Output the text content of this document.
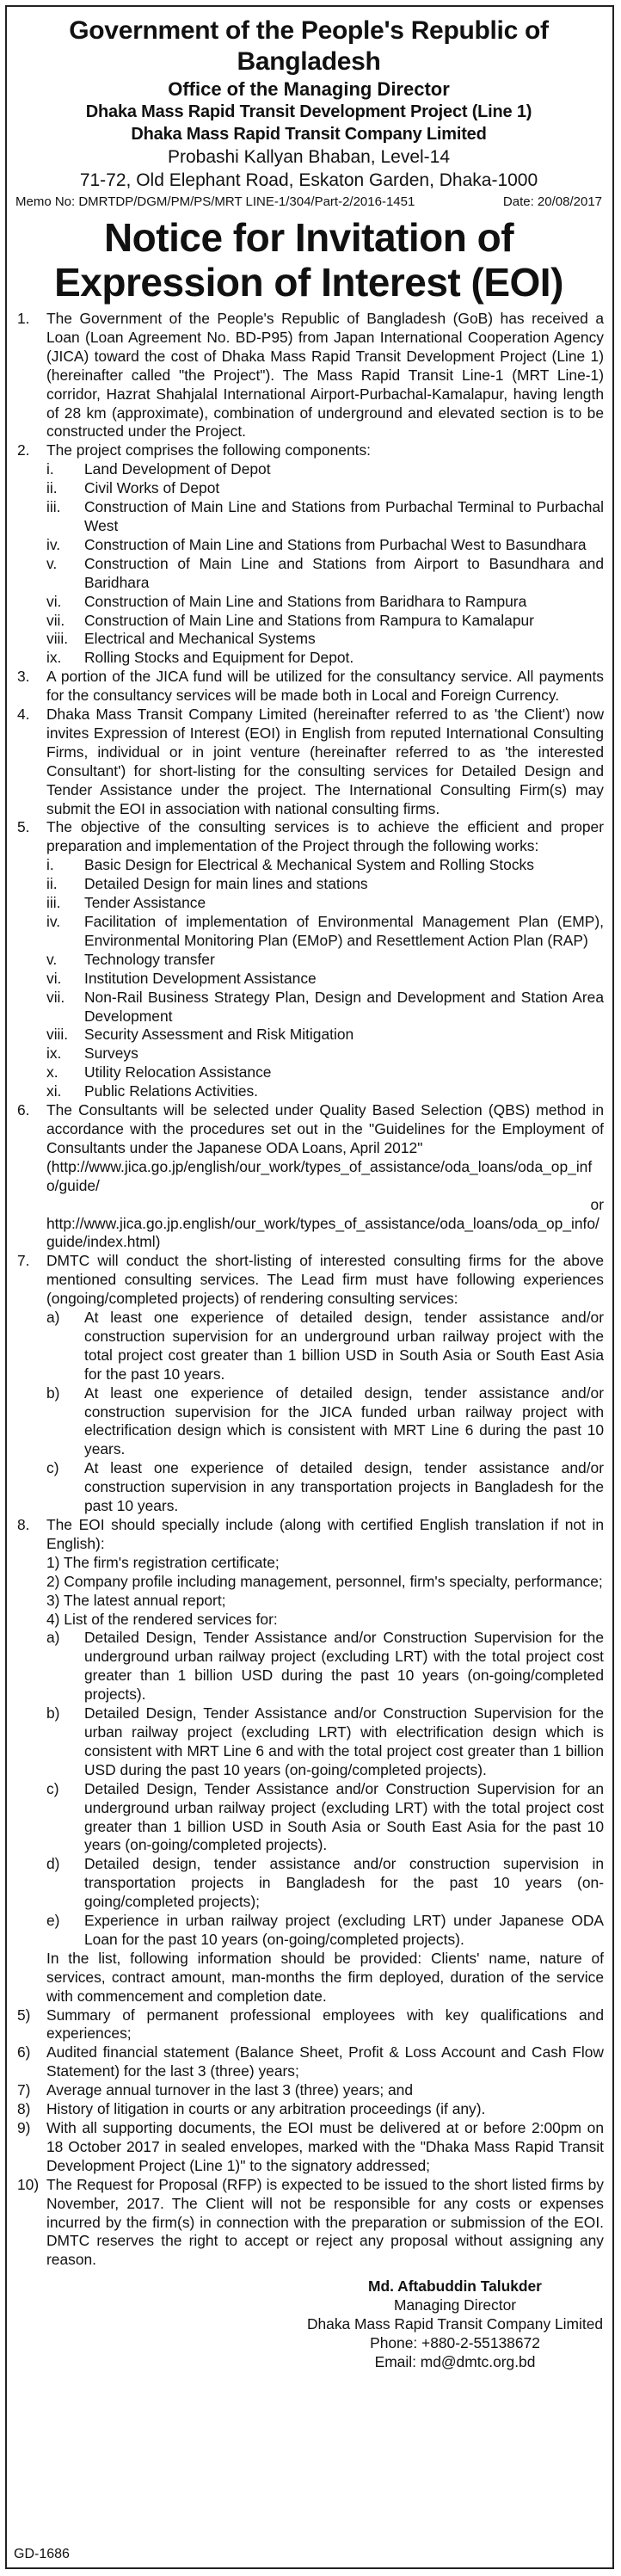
Government of the People's Republic of Bangladesh
Office of the Managing Director
Dhaka Mass Rapid Transit Development Project (Line 1)
Dhaka Mass Rapid Transit Company Limited
Probashi Kallyan Bhaban, Level-14
71-72, Old Elephant Road, Eskaton Garden, Dhaka-1000
Memo No: DMRTDP/DGM/PM/PS/MRT LINE-1/304/Part-2/2016-1451	Date: 20/08/2017
Notice for Invitation of Expression of Interest (EOI)
1.	The Government of the People's Republic of Bangladesh (GoB) has received a Loan (Loan Agreement No. BD-P95) from Japan International Cooperation Agency (JICA) toward the cost of Dhaka Mass Rapid Transit Development Project (Line 1) (hereinafter called "the Project"). The Mass Rapid Transit Line-1 (MRT Line-1) corridor, Hazrat Shahjalal International Airport-Purbachal-Kamalapur, having length of 28 km (approximate), combination of underground and elevated section is to be constructed under the Project.
2.	The project comprises the following components:
i.	Land Development of Depot
ii.	Civil Works of Depot
iii.	Construction of Main Line and Stations from Purbachal Terminal to Purbachal West
iv.	Construction of Main Line and Stations from Purbachal West to Basundhara
v.	Construction of Main Line and Stations from Airport to Basundhara and Baridhara
vi.	Construction of Main Line and Stations from Baridhara to Rampura
vii.	Construction of Main Line and Stations from Rampura to Kamalapur
viii.	Electrical and Mechanical Systems
ix.	Rolling Stocks and Equipment for Depot.
3.	A portion of the JICA fund will be utilized for the consultancy service. All payments for the consultancy services will be made both in Local and Foreign Currency.
4.	Dhaka Mass Transit Company Limited (hereinafter referred to as 'the Client') now invites Expression of Interest (EOI) in English from reputed International Consulting Firms, individual or in joint venture (hereinafter referred to as 'the interested Consultant') for short-listing for the consulting services for Detailed Design and Tender Assistance under the project. The International Consulting Firm(s) may submit the EOI in association with national consulting firms.
5.	The objective of the consulting services is to achieve the efficient and proper preparation and implementation of the Project through the following works:
i.	Basic Design for Electrical & Mechanical System and Rolling Stocks
ii.	Detailed Design for main lines and stations
iii.	Tender Assistance
iv.	Facilitation of implementation of Environmental Management Plan (EMP), Environmental Monitoring Plan (EMoP) and Resettlement Action Plan (RAP)
v.	Technology transfer
vi.	Institution Development Assistance
vii.	Non-Rail Business Strategy Plan, Design and Development and Station Area Development
viii.	Security Assessment and Risk Mitigation
ix.	Surveys
x.	Utility Relocation Assistance
xi.	Public Relations Activities.
6.	The Consultants will be selected under Quality Based Selection (QBS) method in accordance with the procedures set out in the "Guidelines for the Employment of Consultants under the Japanese ODA Loans, April 2012"
(http://www.jica.go.jp/english/our_work/types_of_assistance/oda_loans/oda_op_info/guide/
or
http://www.jica.go.jp.english/our_work/types_of_assistance/oda_loans/oda_op_info/guide/index.html)
7.	DMTC will conduct the short-listing of interested consulting firms for the above mentioned consulting services. The Lead firm must have following experiences (ongoing/completed projects) of rendering consulting services:
a)	At least one experience of detailed design, tender assistance and/or construction supervision for an underground urban railway project with the total project cost greater than 1 billion USD in South Asia or South East Asia for the past 10 years.
b)	At least one experience of detailed design, tender assistance and/or construction supervision for the JICA funded urban railway project with electrification design which is consistent with MRT Line 6 during the past 10 years.
c)	At least one experience of detailed design, tender assistance and/or construction supervision in any transportation projects in Bangladesh for the past 10 years.
8.	The EOI should specially include (along with certified English translation if not in English):
1) The firm's registration certificate;
2) Company profile including management, personnel, firm's specialty, performance;
3) The latest annual report;
4) List of the rendered services for:
a)	Detailed Design, Tender Assistance and/or Construction Supervision for the underground urban railway project (excluding LRT) with the total project cost greater than 1 billion USD during the past 10 years (on-going/completed projects).
b)	Detailed Design, Tender Assistance and/or Construction Supervision for the urban railway project (excluding LRT) with electrification design which is consistent with MRT Line 6 and with the total project cost greater than 1 billion USD during the past 10 years (on-going/completed projects).
c)	Detailed Design, Tender Assistance and/or Construction Supervision for an underground urban railway project (excluding LRT) with the total project cost greater than 1 billion USD in South Asia or South East Asia for the past 10 years (on-going/completed projects).
d)	Detailed design, tender assistance and/or construction supervision in transportation projects in Bangladesh for the past 10 years (on-going/completed projects);
e)	Experience in urban railway project (excluding LRT) under Japanese ODA Loan for the past 10 years (on-going/completed projects).
In the list, following information should be provided: Clients' name, nature of services, contract amount, man-months the firm deployed, duration of the service with commencement and completion date.
5)	Summary of permanent professional employees with key qualifications and experiences;
6)	Audited financial statement (Balance Sheet, Profit & Loss Account and Cash Flow Statement) for the last 3 (three) years;
7)	Average annual turnover in the last 3 (three) years; and
8)	History of litigation in courts or any arbitration proceedings (if any).
9)	With all supporting documents, the EOI must be delivered at or before 2:00pm on 18 October 2017 in sealed envelopes, marked with the "Dhaka Mass Rapid Transit Development Project (Line 1)" to the signatory addressed;
10) The Request for Proposal (RFP) is expected to be issued to the short listed firms by November, 2017. The Client will not be responsible for any costs or expenses incurred by the firm(s) in connection with the preparation or submission of the EOI. DMTC reserves the right to accept or reject any proposal without assigning any reason.
Md. Aftabuddin Talukder
Managing Director
Dhaka Mass Rapid Transit Company Limited
Phone: +880-2-55138672
Email: md@dmtc.org.bd
GD-1686
